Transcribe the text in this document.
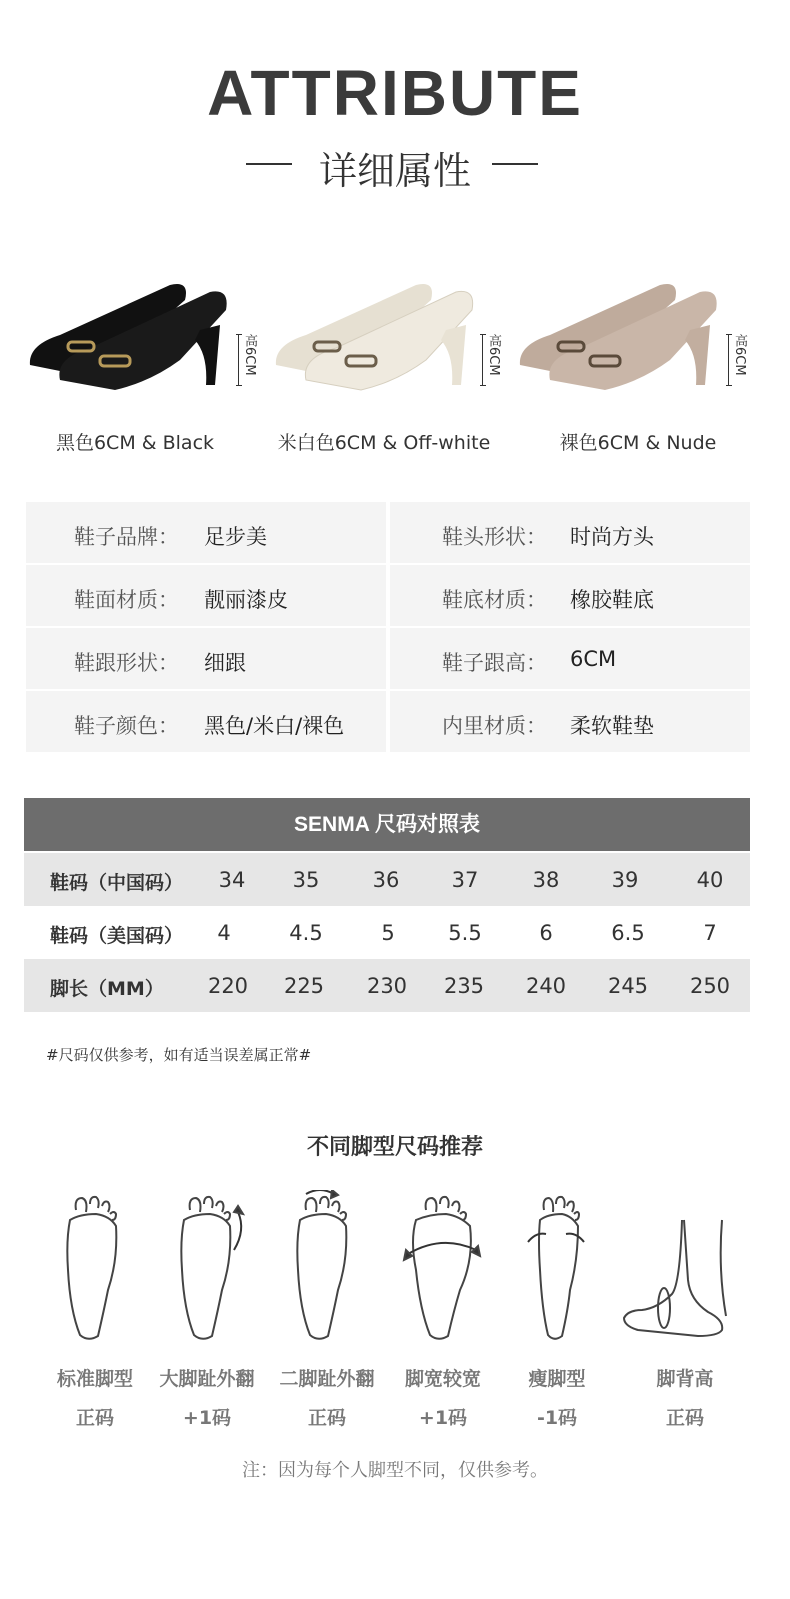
ATTRIBUTE
详细属性
高6CM
黑色6CM & Black
高6CM
米白色6CM & Off-white
高6CM
裸色6CM & Nude
鞋子品牌： 足步美	鞋头形状： 时尚方头
鞋面材质： 靓丽漆皮	鞋底材质： 橡胶鞋底
鞋跟形状： 细跟	鞋子跟高： 6CM
鞋子颜色： 黑色/米白/裸色	内里材质： 柔软鞋垫
SENMA 尺码对照表
鞋码（中国码）	34	35	36	37	38	39	40
鞋码（美国码）	4	4.5	5	5.5	6	6.5	7
脚长（MM）	220	225	230	235	240	245	250
#尺码仅供参考，如有适当误差属正常#
不同脚型尺码推荐
标准脚型	大脚趾外翻	二脚趾外翻	脚宽较宽	瘦脚型	脚背高
正码	+1码	正码	+1码	-1码	正码
注：因为每个人脚型不同，仅供参考。
